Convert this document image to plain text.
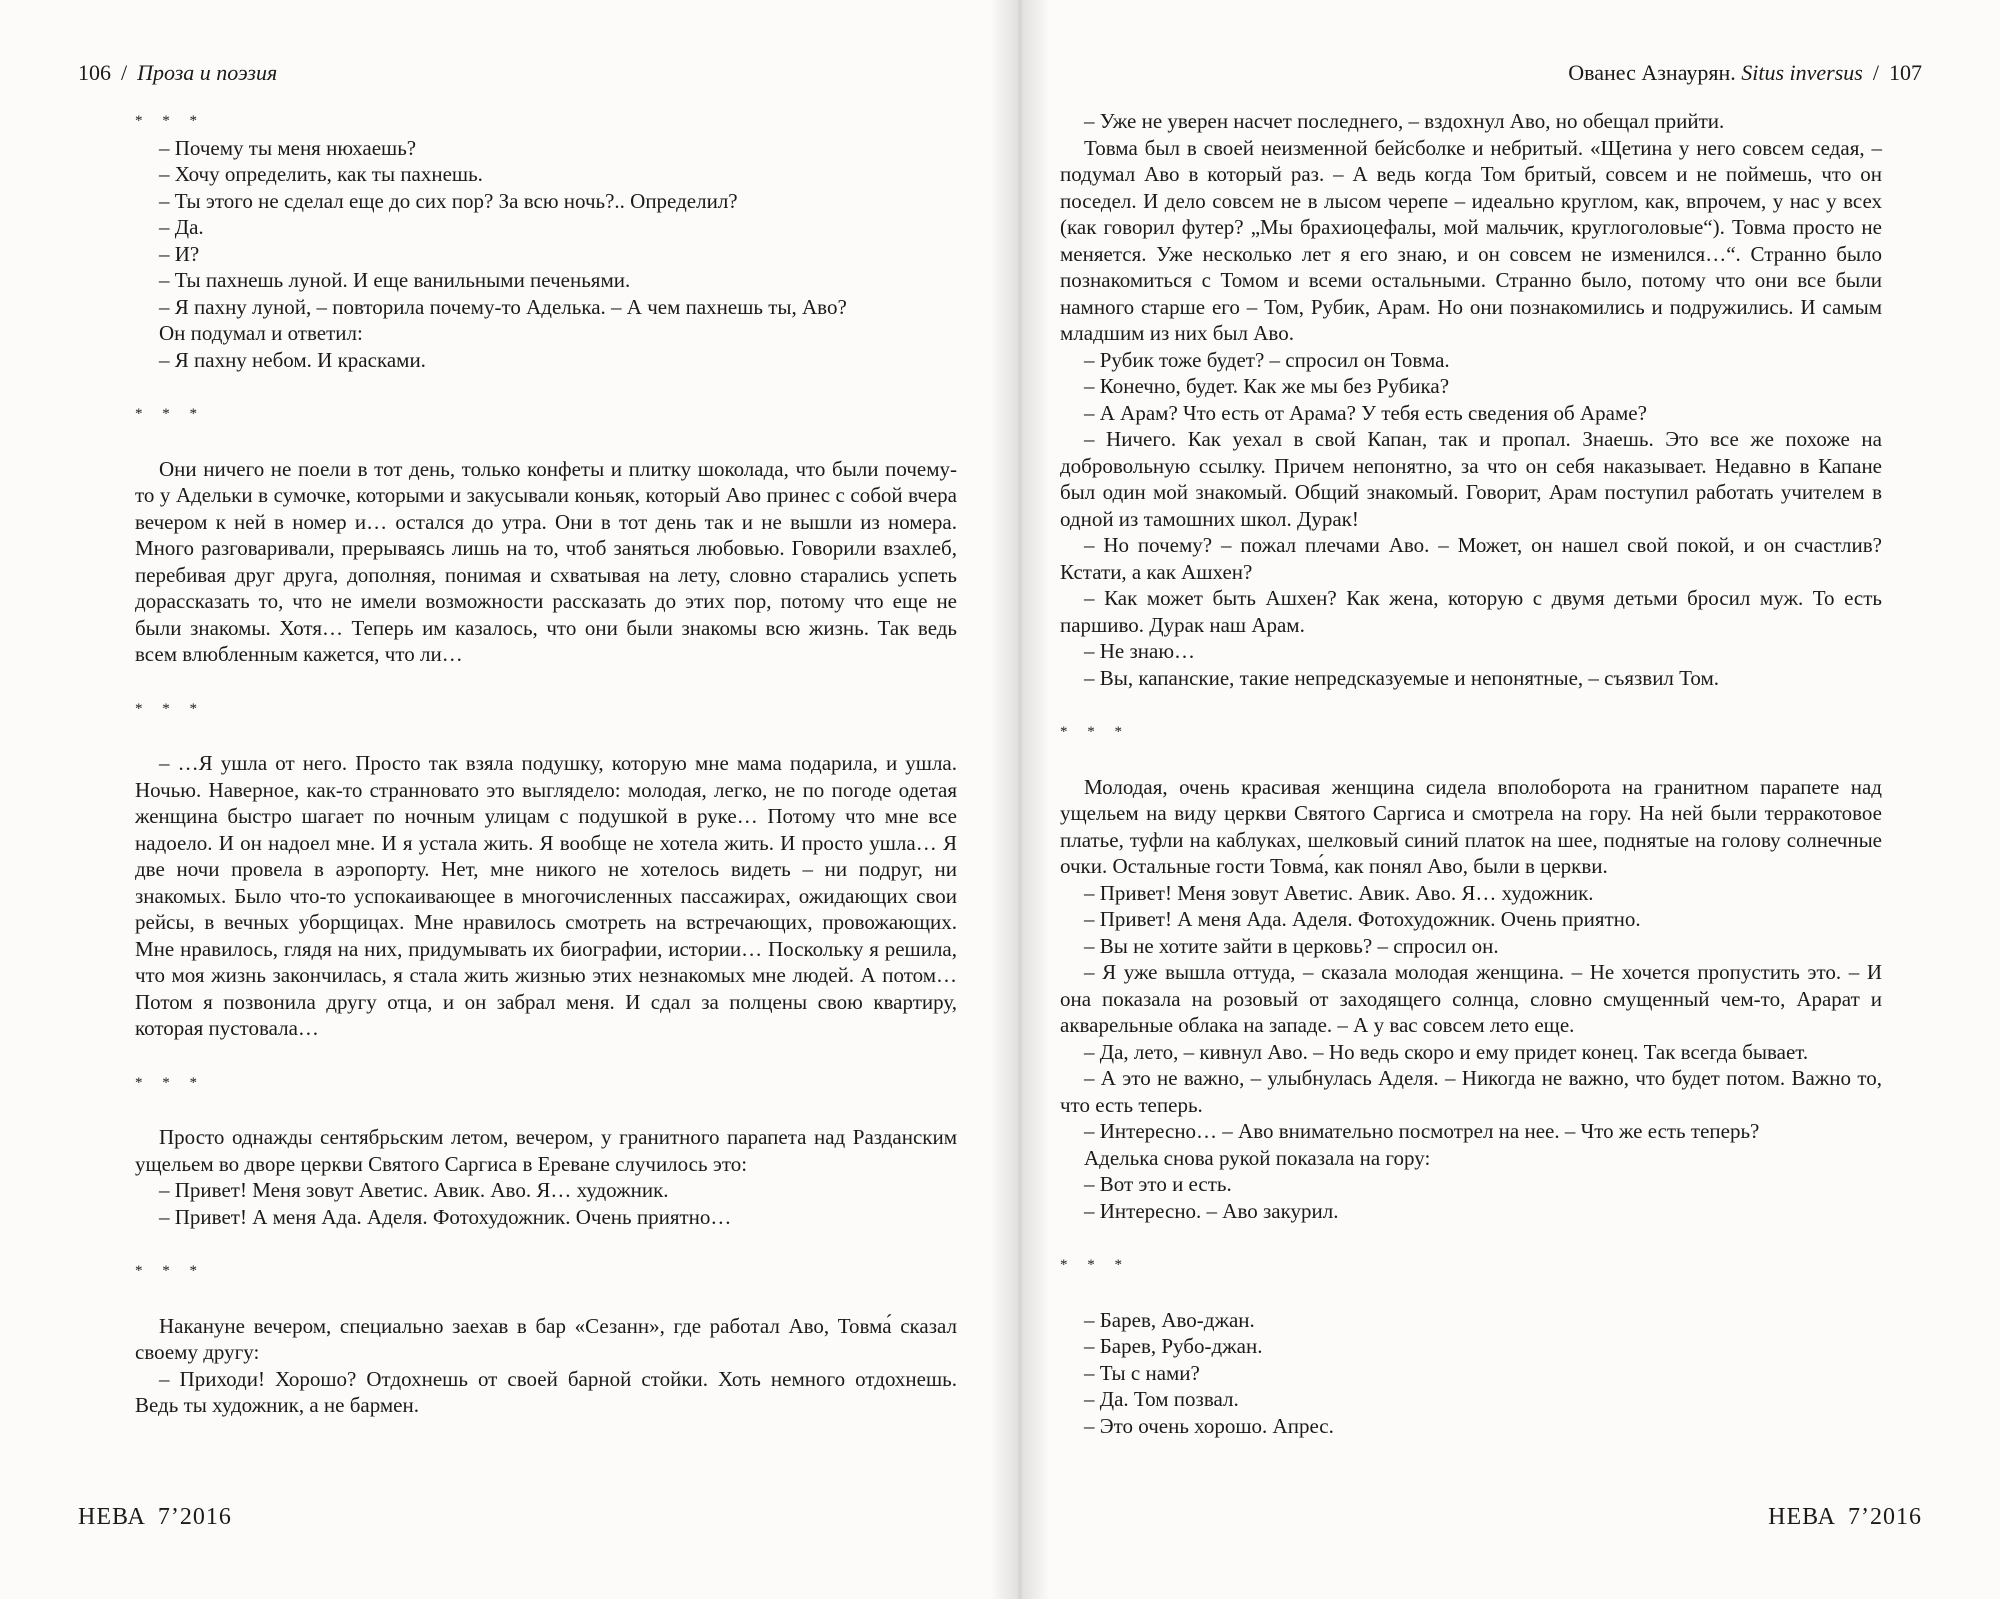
106 / Проза и поэзия

* * *

– Почему ты меня нюхаешь?

– Хочу определить, как ты пахнешь.

– Ты этого не сделал еще до сих пор? За всю ночь?.. Определил?

– Да.

– И?

– Ты пахнешь луной. И еще ванильными печеньями.

– Я пахну луной, – повторила почему-то Аделька. – А чем пахнешь ты, Аво?

Он подумал и ответил:

– Я пахну небом. И красками.

* * *

Они ничего не поели в тот день, только конфеты и плитку шоколада, что были почему-то у Адельки в сумочке, которыми и закусывали коньяк, который Аво принес с собой вчера вечером к ней в номер и… остался до утра. Они в тот день так и не вышли из номера. Много разговаривали, прерываясь лишь на то, чтоб заняться любовью. Говорили взахлеб, перебивая друг друга, дополняя, понимая и схватывая на лету, словно старались успеть дорассказать то, что не имели возможности рассказать до этих пор, потому что еще не были знакомы. Хотя… Теперь им казалось, что они были знакомы всю жизнь. Так ведь всем влюбленным кажется, что ли…

* * *

– …Я ушла от него. Просто так взяла подушку, которую мне мама подарила, и ушла. Ночью. Наверное, как-то странновато это выглядело: молодая, легко, не по погоде одетая женщина быстро шагает по ночным улицам с подушкой в руке… Потому что мне все надоело. И он надоел мне. И я устала жить. Я вообще не хотела жить. И просто ушла… Я две ночи провела в аэропорту. Нет, мне никого не хотелось видеть – ни подруг, ни знакомых. Было что-то успокаивающее в многочисленных пассажирах, ожидающих свои рейсы, в вечных уборщицах. Мне нравилось смотреть на встречающих, провожающих. Мне нравилось, глядя на них, придумывать их биографии, истории… Поскольку я решила, что моя жизнь закончилась, я стала жить жизнью этих незнакомых мне людей. А потом… Потом я позвонила другу отца, и он забрал меня. И сдал за полцены свою квартиру, которая пустовала…

* * *

Просто однажды сентябрьским летом, вечером, у гранитного парапета над Разданским ущельем во дворе церкви Святого Саргиса в Ереване случилось это:

– Привет! Меня зовут Аветис. Авик. Аво. Я… художник.

– Привет! А меня Ада. Аделя. Фотохудожник. Очень приятно…

* * *

Накануне вечером, специально заехав в бар «Сезанн», где работал Аво, Товма́ сказал своему другу:

– Приходи! Хорошо? Отдохнешь от своей барной стойки. Хоть немного отдохнешь. Ведь ты художник, а не бармен.

НЕВА 7’2016
Ованес Азнаурян. Situs inversus / 107

– Уже не уверен насчет последнего, – вздохнул Аво, но обещал прийти.

Товма был в своей неизменной бейсболке и небритый. «Щетина у него совсем седая, – подумал Аво в который раз. – А ведь когда Том бритый, совсем и не поймешь, что он поседел. И дело совсем не в лысом черепе – идеально круглом, как, впрочем, у нас у всех (как говорил футер? „Мы брахиоцефалы, мой мальчик, круглоголовые“). Товма просто не меняется. Уже несколько лет я его знаю, и он совсем не изменился…“. Странно было познакомиться с Томом и всеми остальными. Странно было, потому что они все были намного старше его – Том, Рубик, Арам. Но они познакомились и подружились. И самым младшим из них был Аво.

– Рубик тоже будет? – спросил он Товма.

– Конечно, будет. Как же мы без Рубика?

– А Арам? Что есть от Арама? У тебя есть сведения об Араме?

– Ничего. Как уехал в свой Капан, так и пропал. Знаешь. Это все же похоже на добровольную ссылку. Причем непонятно, за что он себя наказывает. Недавно в Капане был один мой знакомый. Общий знакомый. Говорит, Арам поступил работать учителем в одной из тамошних школ. Дурак!

– Но почему? – пожал плечами Аво. – Может, он нашел свой покой, и он счастлив? Кстати, а как Ашхен?

– Как может быть Ашхен? Как жена, которую с двумя детьми бросил муж. То есть паршиво. Дурак наш Арам.

– Не знаю…

– Вы, капанские, такие непредсказуемые и непонятные, – съязвил Том.

* * *

Молодая, очень красивая женщина сидела вполоборота на гранитном парапете над ущельем на виду церкви Святого Саргиса и смотрела на гору. На ней были терракотовое платье, туфли на каблуках, шелковый синий платок на шее, поднятые на голову солнечные очки. Остальные гости Товма́, как понял Аво, были в церкви.

– Привет! Меня зовут Аветис. Авик. Аво. Я… художник.

– Привет! А меня Ада. Аделя. Фотохудожник. Очень приятно.

– Вы не хотите зайти в церковь? – спросил он.

– Я уже вышла оттуда, – сказала молодая женщина. – Не хочется пропустить это. – И она показала на розовый от заходящего солнца, словно смущенный чем-то, Арарат и акварельные облака на западе. – А у вас совсем лето еще.

– Да, лето, – кивнул Аво. – Но ведь скоро и ему придет конец. Так всегда бывает.

– А это не важно, – улыбнулась Аделя. – Никогда не важно, что будет потом. Важно то, что есть теперь.

– Интересно… – Аво внимательно посмотрел на нее. – Что же есть теперь?

Аделька снова рукой показала на гору:

– Вот это и есть.

– Интересно. – Аво закурил.

* * *

– Барев, Аво-джан.

– Барев, Рубо-джан.

– Ты с нами?

– Да. Том позвал.

– Это очень хорошо. Апрес.

НЕВА 7’2016
